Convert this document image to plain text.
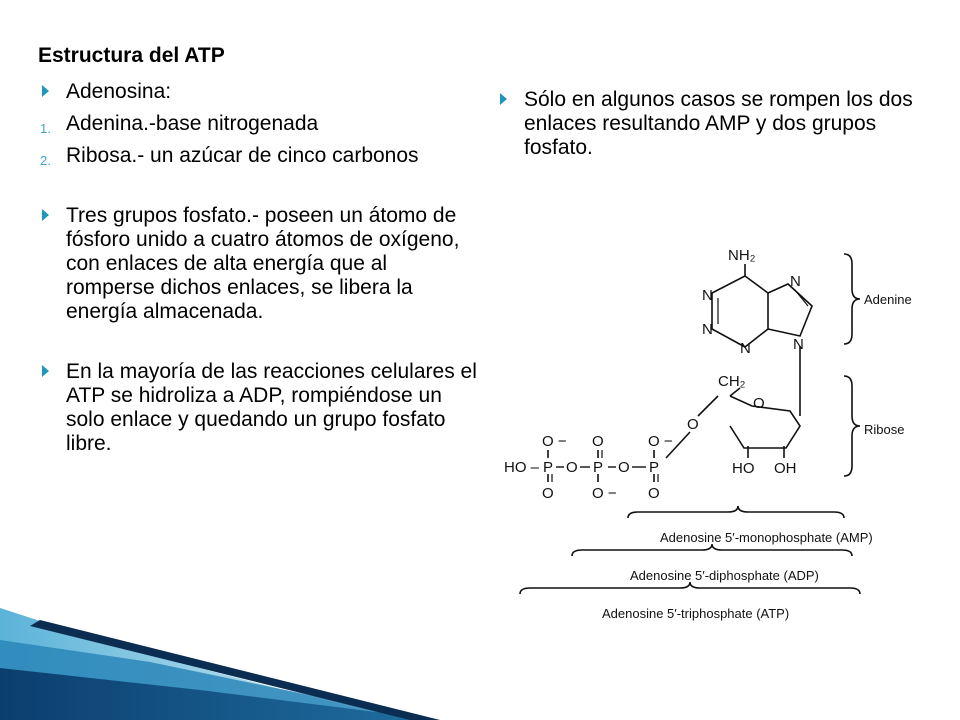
Estructura del ATP
Adenosina:
1. Adenina.-base nitrogenada
2. Ribosa.- un azúcar de cinco carbonos
Tres grupos fosfato.- poseen un átomo de fósforo unido a cuatro átomos de oxígeno, con enlaces de alta energía que al romperse dichos enlaces, se libera la energía almacenada.
En la mayoría de las reacciones celulares el ATP se hidroliza a ADP, rompiéndose un solo enlace y quedando un grupo fosfato libre.
Sólo en algunos casos se rompen los dos enlaces resultando AMP y dos grupos fosfato.
NH₂
N
N
N
N
N
CH₂
O
O
HO OH
O − O	O −
HO – P O P O P
O	O − O
Adenine
Ribose
Adenosine 5′-monophosphate (AMP)
Adenosine 5′-diphosphate (ADP)
Adenosine 5′-triphosphate (ATP)
